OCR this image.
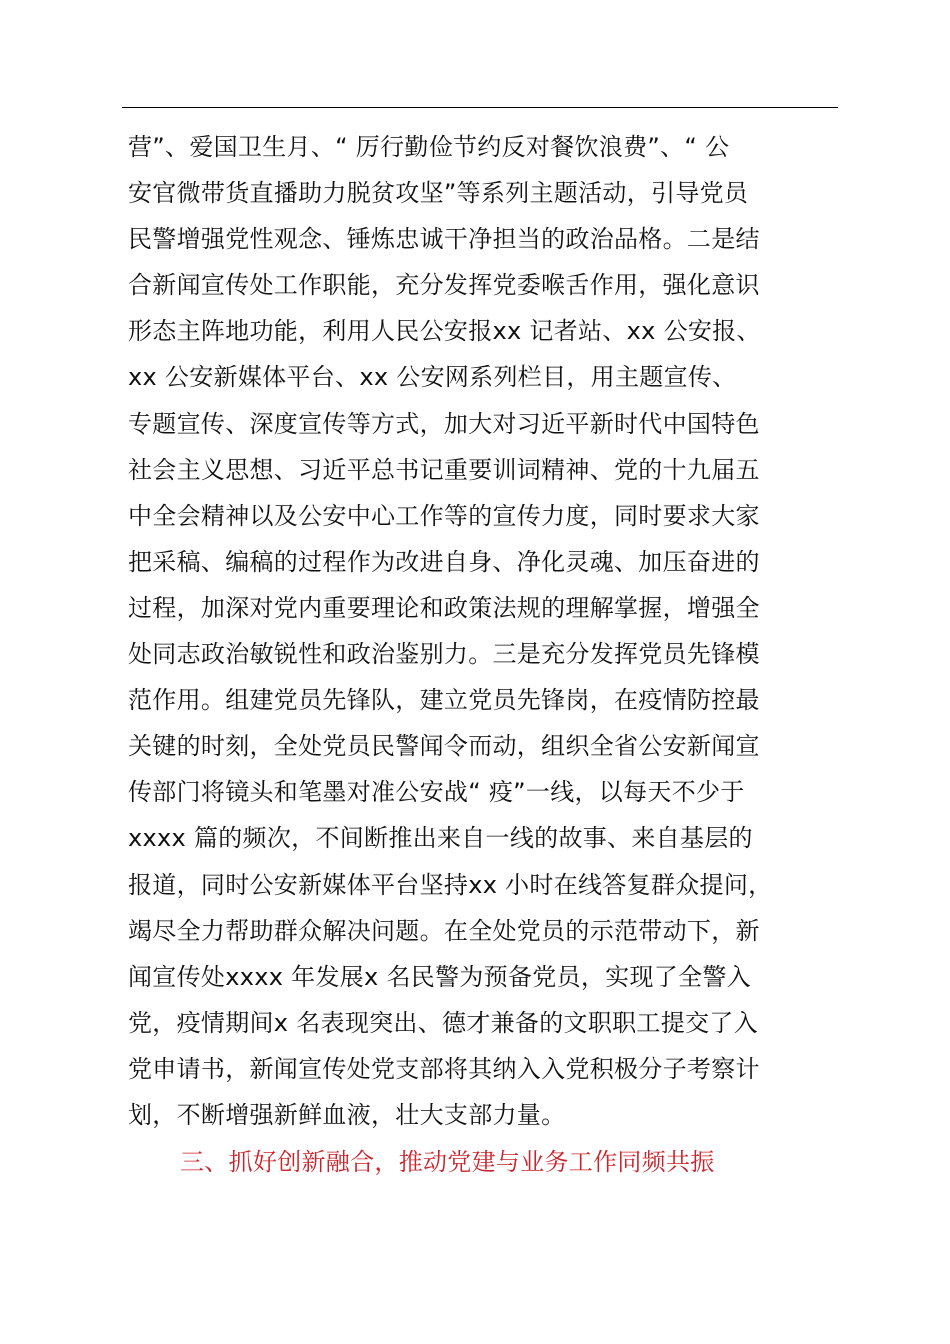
营”、爱国卫生月、“ 厉行勤俭节约反对餐饮浪费”、“ 公
安官微带货直播助力脱贫攻坚”等系列主题活动，引导党员
民警增强党性观念、锤炼忠诚干净担当的政治品格。二是结
合新闻宣传处工作职能，充分发挥党委喉舌作用，强化意识
形态主阵地功能，利用人民公安报xx 记者站、xx 公安报、
xx 公安新媒体平台、xx 公安网系列栏目，用主题宣传、
专题宣传、深度宣传等方式，加大对习近平新时代中国特色
社会主义思想、习近平总书记重要训词精神、党的十九届五
中全会精神以及公安中心工作等的宣传力度，同时要求大家
把采稿、编稿的过程作为改进自身、净化灵魂、加压奋进的
过程，加深对党内重要理论和政策法规的理解掌握，增强全
处同志政治敏锐性和政治鉴别力。三是充分发挥党员先锋模
范作用。组建党员先锋队，建立党员先锋岗，在疫情防控最
关键的时刻，全处党员民警闻令而动，组织全省公安新闻宣
传部门将镜头和笔墨对准公安战“ 疫”一线，以每天不少于
xxxx 篇的频次，不间断推出来自一线的故事、来自基层的
报道，同时公安新媒体平台坚持xx 小时在线答复群众提问，
竭尽全力帮助群众解决问题。在全处党员的示范带动下，新
闻宣传处xxxx 年发展x 名民警为预备党员，实现了全警入
党，疫情期间x 名表现突出、德才兼备的文职职工提交了入
党申请书，新闻宣传处党支部将其纳入入党积极分子考察计
划，不断增强新鲜血液，壮大支部力量。
三、抓好创新融合，推动党建与业务工作同频共振
